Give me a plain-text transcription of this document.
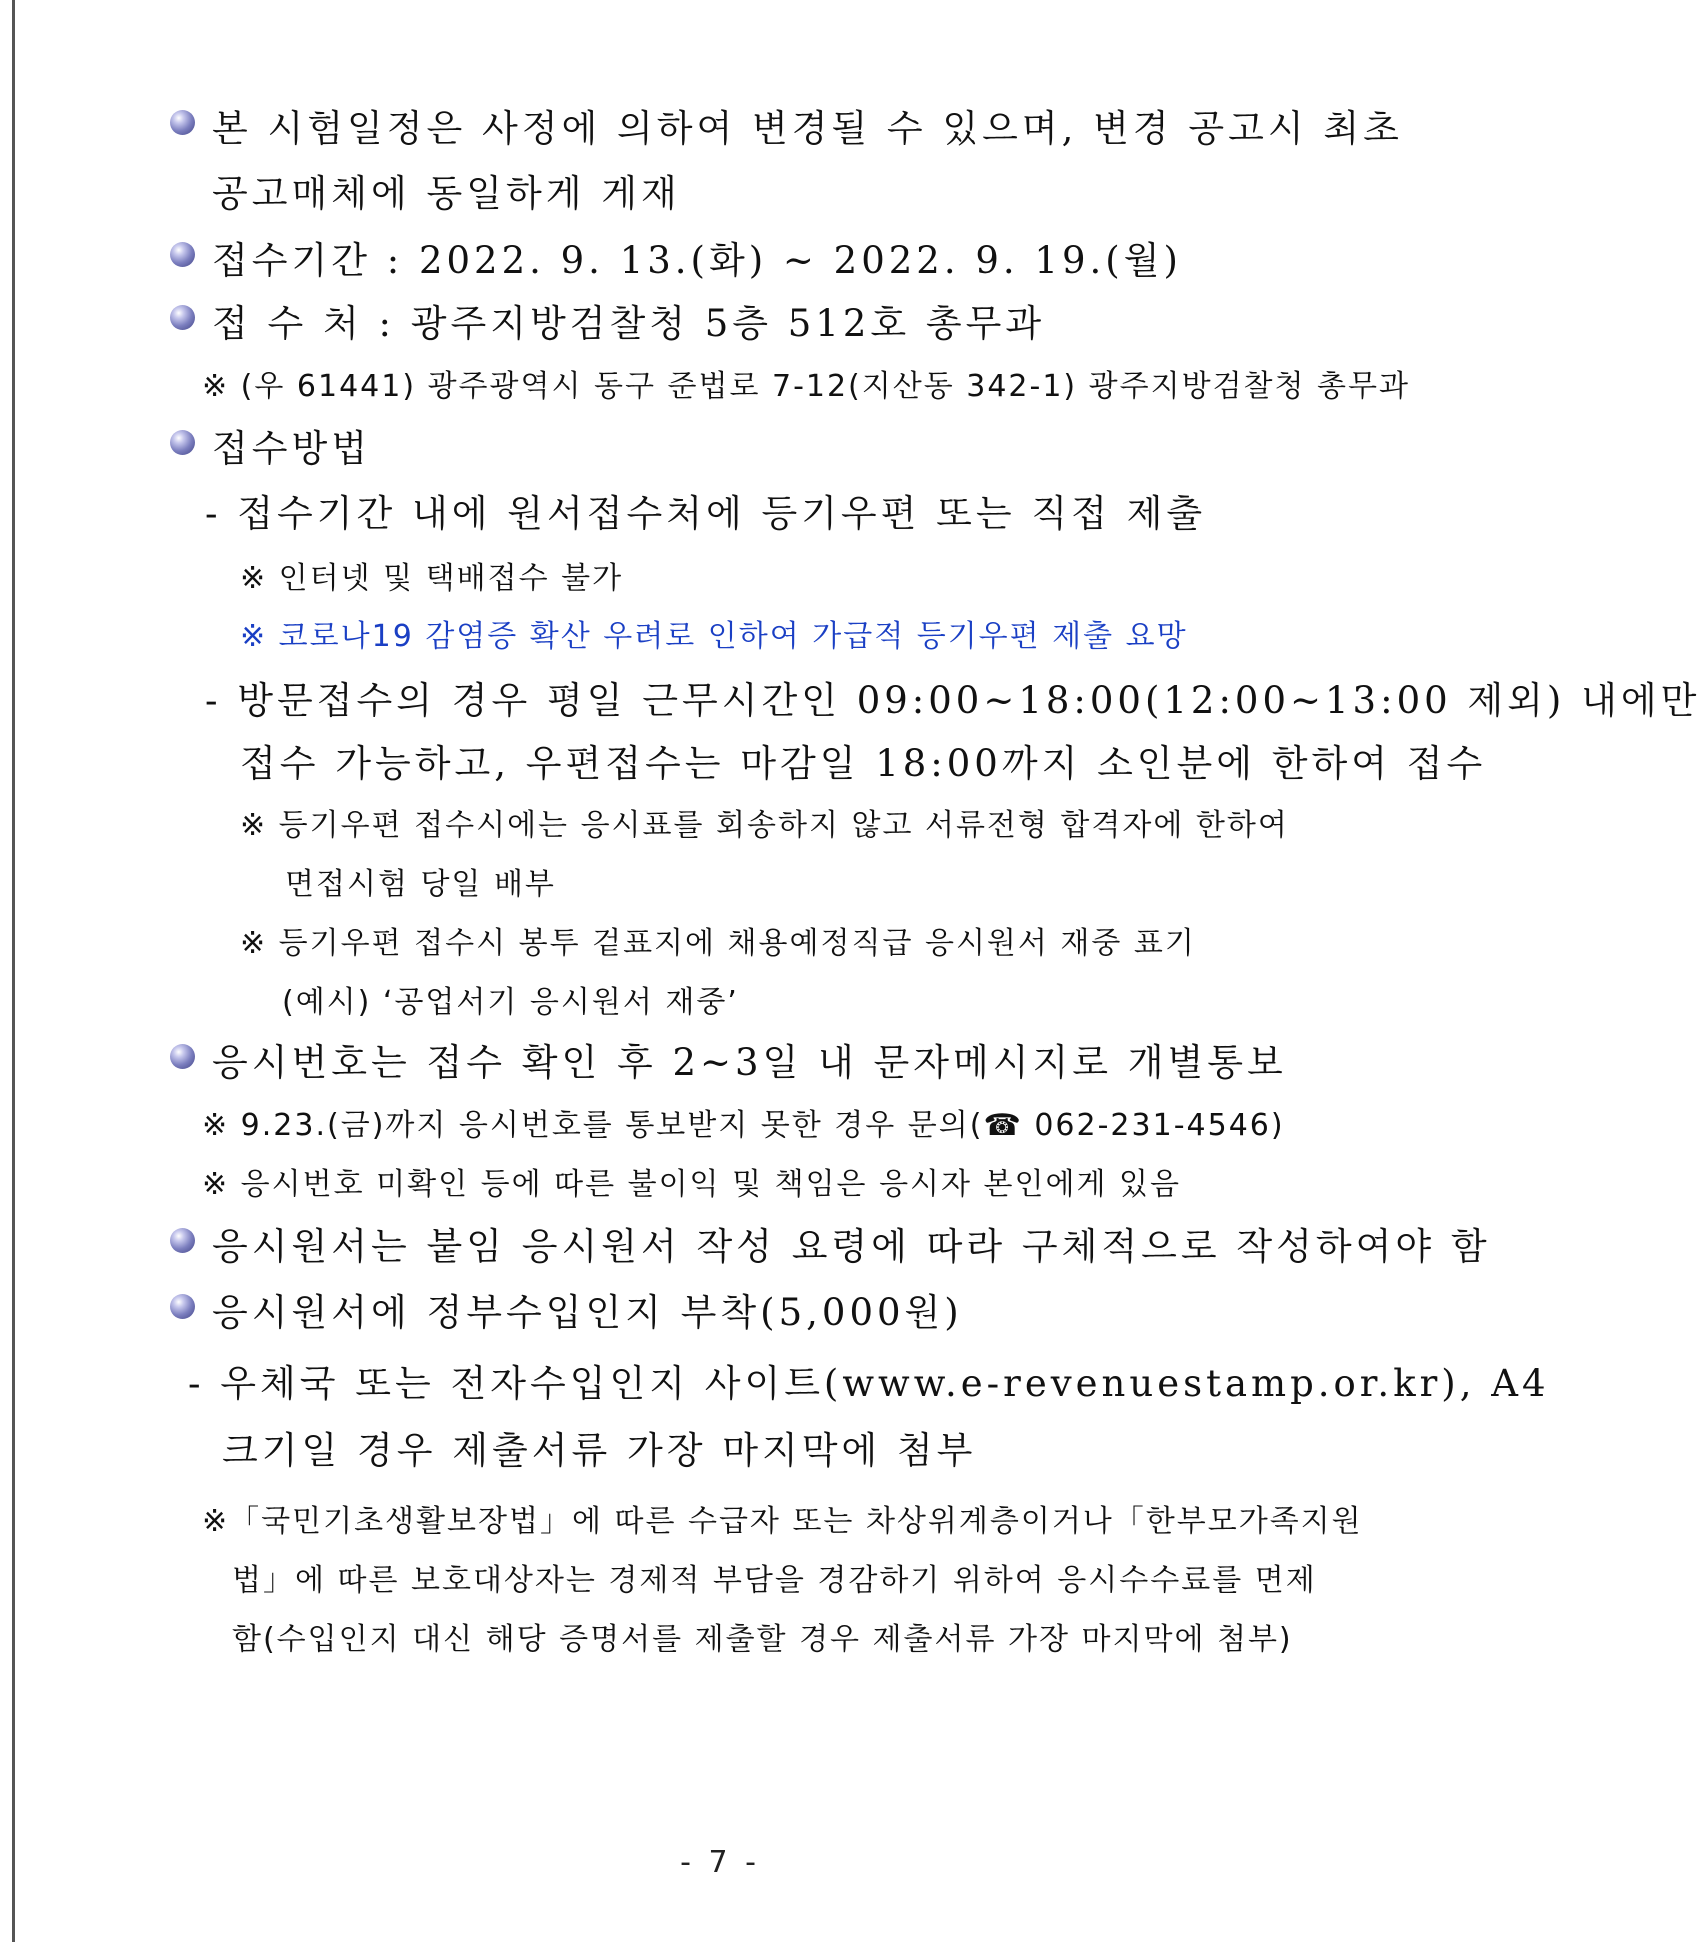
본 시험일정은 사정에 의하여 변경될 수 있으며, 변경 공고시 최초
공고매체에 동일하게 게재
접수기간 : 2022. 9. 13.(화) ~ 2022. 9. 19.(월)
접 수 처 : 광주지방검찰청 5층 512호 총무과
※ (우 61441) 광주광역시 동구 준법로 7-12(지산동 342-1) 광주지방검찰청 총무과
접수방법
- 접수기간 내에 원서접수처에 등기우편 또는 직접 제출
※ 인터넷 및 택배접수 불가
※ 코로나19 감염증 확산 우려로 인하여 가급적 등기우편 제출 요망
- 방문접수의 경우 평일 근무시간인 09:00~18:00(12:00~13:00 제외) 내에만
접수 가능하고, 우편접수는 마감일 18:00까지 소인분에 한하여 접수
※ 등기우편 접수시에는 응시표를 회송하지 않고 서류전형 합격자에 한하여
면접시험 당일 배부
※ 등기우편 접수시 봉투 겉표지에 채용예정직급 응시원서 재중 표기
(예시) ‘공업서기 응시원서 재중’
응시번호는 접수 확인 후 2~3일 내 문자메시지로 개별통보
※ 9.23.(금)까지 응시번호를 통보받지 못한 경우 문의(☎ 062-231-4546)
※ 응시번호 미확인 등에 따른 불이익 및 책임은 응시자 본인에게 있음
응시원서는 붙임 응시원서 작성 요령에 따라 구체적으로 작성하여야 함
응시원서에 정부수입인지 부착(5,000원)
- 우체국 또는 전자수입인지 사이트(www.e-revenuestamp.or.kr), A4
크기일 경우 제출서류 가장 마지막에 첨부
※「국민기초생활보장법」에 따른 수급자 또는 차상위계층이거나「한부모가족지원
법」에 따른 보호대상자는 경제적 부담을 경감하기 위하여 응시수수료를 면제
함(수입인지 대신 해당 증명서를 제출할 경우 제출서류 가장 마지막에 첨부)
- 7 -
